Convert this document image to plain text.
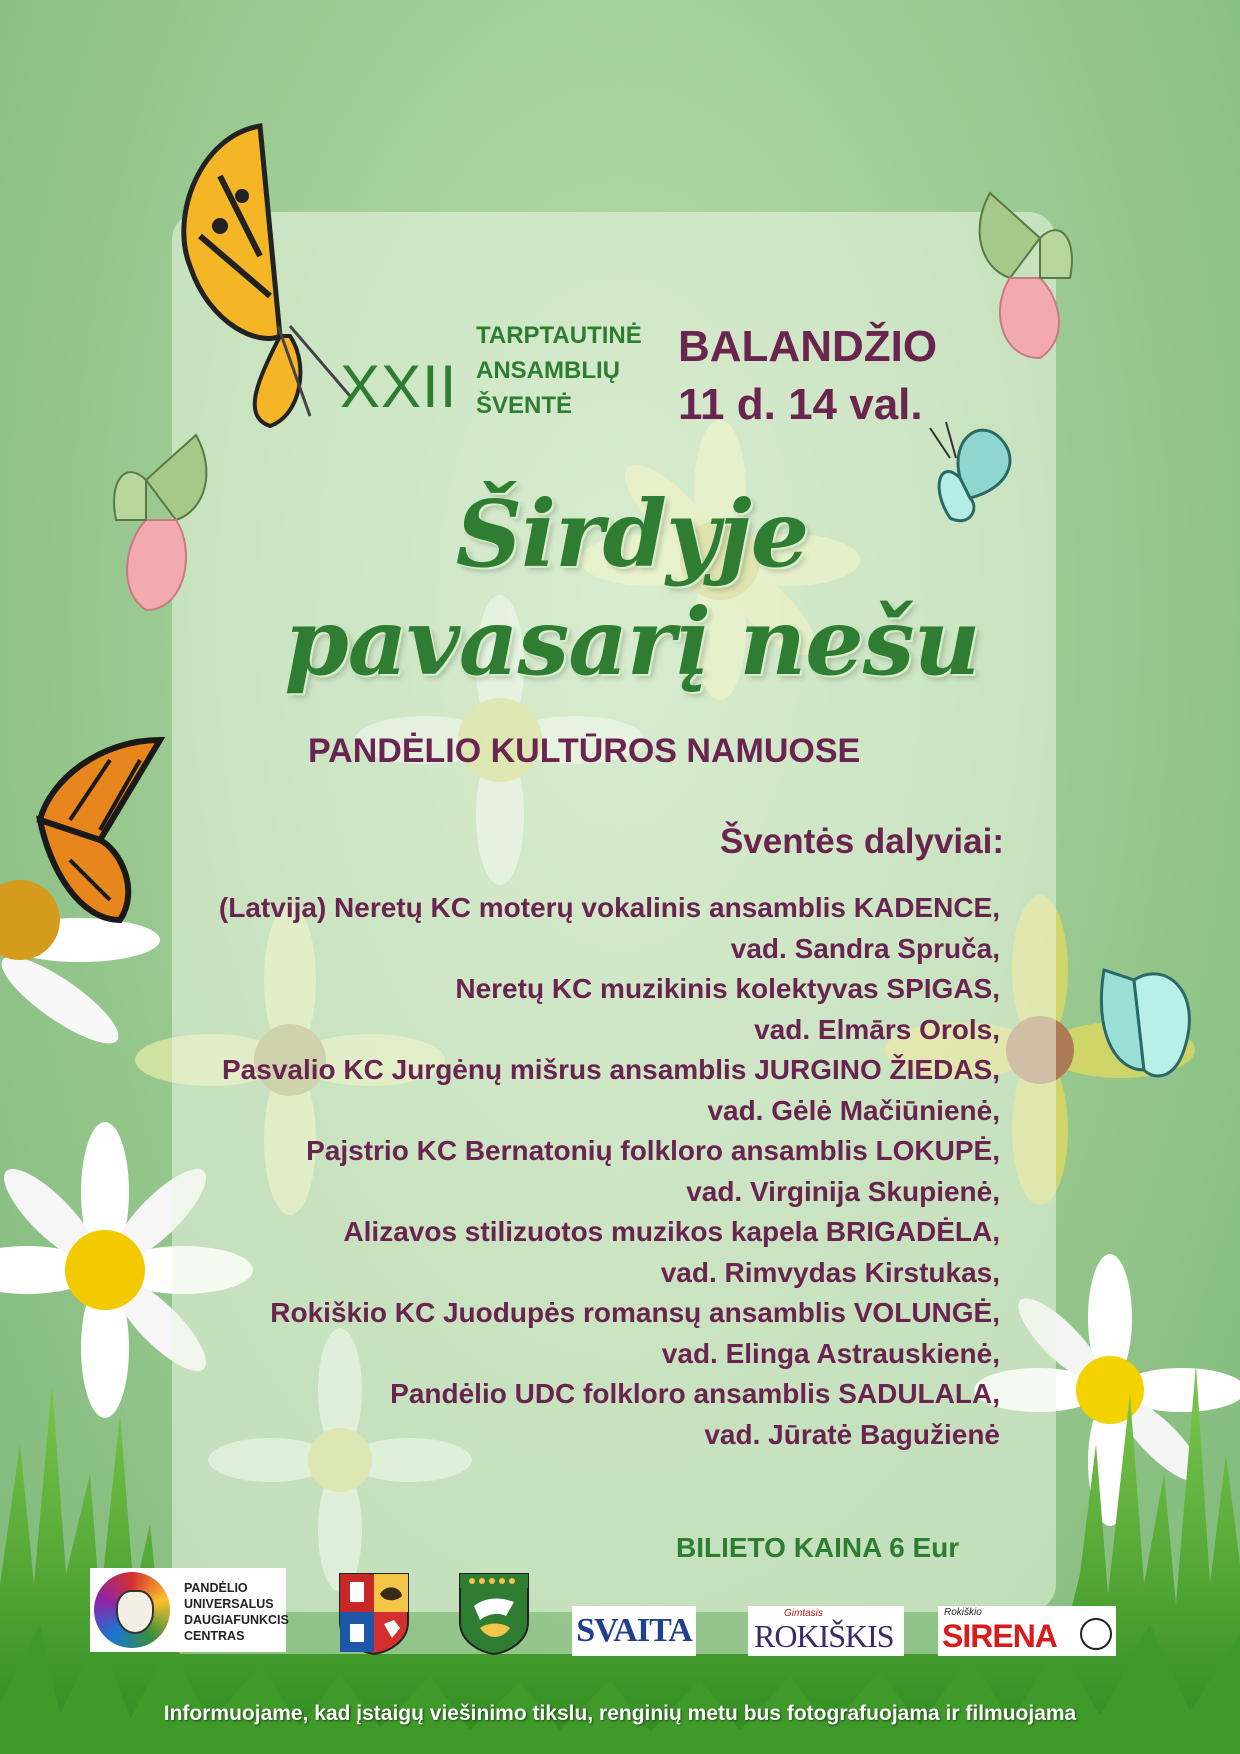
XXII
TARPTAUTINĖ
ANSAMBLIŲ
ŠVENTĖ
BALANDŽIO
11 d. 14 val.
Širdyje pavasarį nešu
PANDĖLIO KULTŪROS NAMUOSE
Šventės dalyviai:
(Latvija) Neretų KC moterų vokalinis ansamblis KADENCE,
vad. Sandra Spruča,
Neretų KC muzikinis kolektyvas SPIGAS,
vad. Elmārs Orols,
Pasvalio KC Jurgėnų mišrus ansamblis JURGINO ŽIEDAS,
vad. Gėlė Mačiūnienė,
Pajstrio KC Bernatonių folkloro ansamblis LOKUPĖ,
vad. Virginija Skupienė,
Alizavos stilizuotos muzikos kapela BRIGADĖLA,
vad. Rimvydas Kirstukas,
Rokiškio KC Juodupės romansų ansamblis VOLUNGĖ,
vad. Elinga Astrauskienė,
Pandėlio UDC folkloro ansamblis SADULALA,
vad. Jūratė Bagužienė
BILIETO KAINA 6 Eur
PANDĖLIO
UNIVERSALUS
DAUGIAFUNKCIS
CENTRAS	SVAITA	Gimtasis
ROKIŠKIS
Rokiškio
SIRENA
Informuojame, kad įstaigų viešinimo tikslu, renginių metu bus fotografuojama ir filmuojama
